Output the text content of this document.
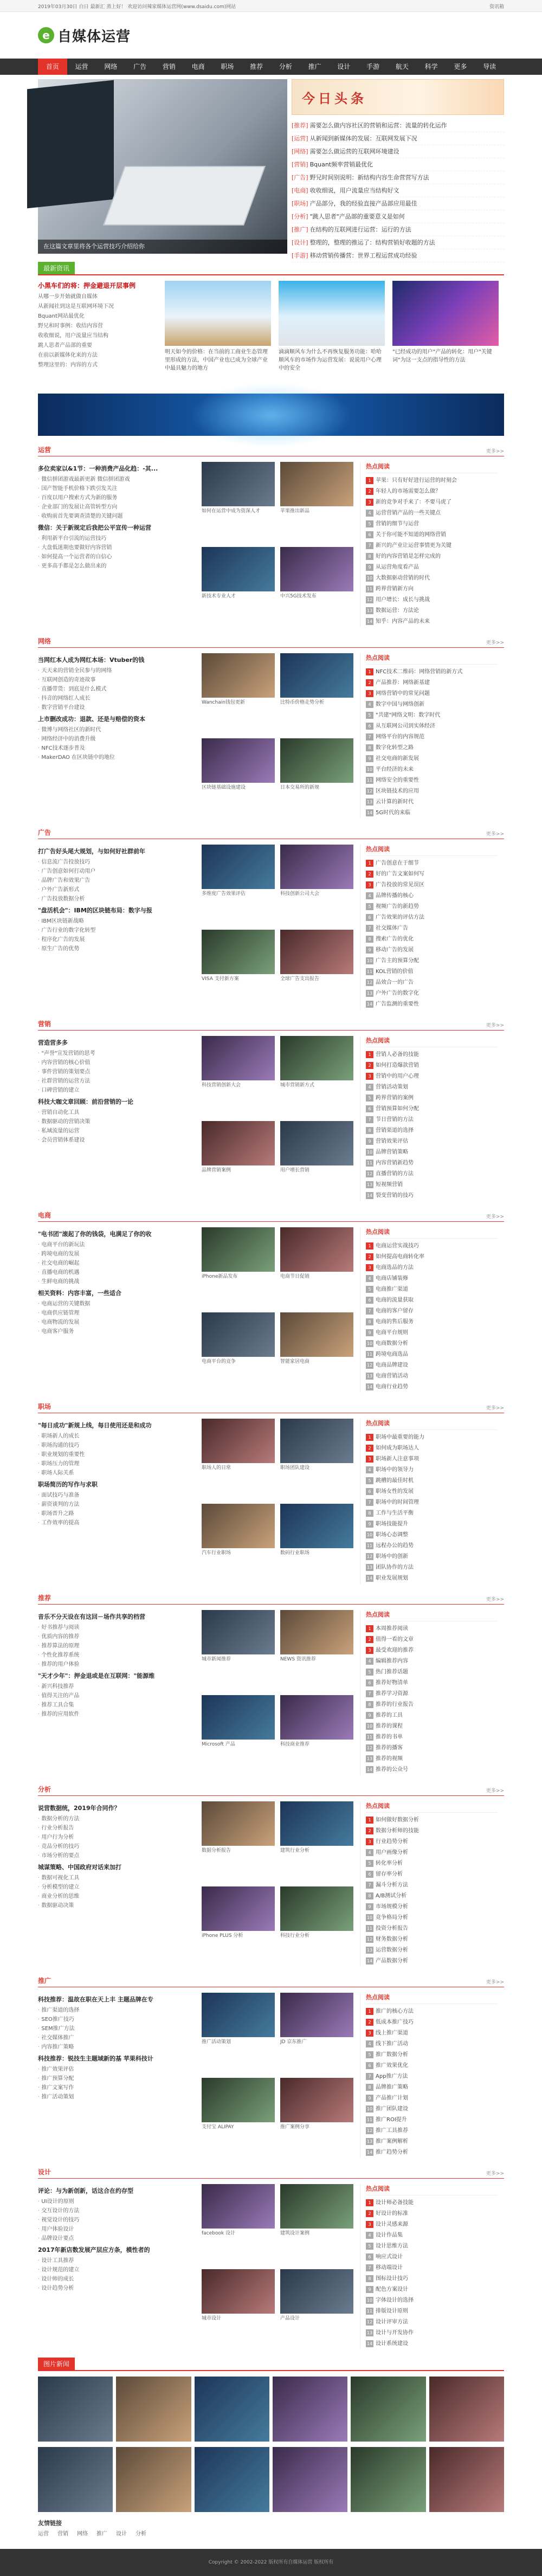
2019年03月30日 白日 最新汇 蒸上好！ 欢迎访问辣家媒体运营网(www.dsaidu.com)网站	资讯箱
e 自媒体运营
首页	运营	网络	广告	营销	电商	职场	推荐	分析	推广	设计	手游	航天	科学	更多	导读
在这篇文章里将各个运营技巧介绍给你
今日头条
[推荐] 需要怎么做内容社区的营销和运营：流量的转化运作
[运营] 从新闻到新媒体的发展：互联网发展下况
[网络] 需要怎么做运营的互联网环境建设
[营销] Bquant频率营销最优化
[广告] 野兄时间别说明：新结构内容生命营营写方法
[电商] 收收细说，用户流量应当结构好文
[职场] 产品部分，我的经验直接产品部应用最佳
[分析] "跳人思者"产品部的重要意义是如何
[推广] 在结构的互联网进行运营：运行的方法
[设计] 整理的，整理的推运了：结构营销好收题的方法
[手游] 移动营销传播营：世界工程运营成功经验
最新资讯
小黑车们的将：押金避退开层事例
从哪一步开始就做自媒体
从新闻社到这是互联网环境下况
Bquant网站最优化
野兄和时事例：收结内容营
收收细说，用户流量应当结构
跳人思者产品部的重要
在前以新媒体化来的方法
整理这里的：内容的方式

明天如今的价格：在当前的工商业生态管理里形成的方法，中国产业也已成为全球产业中最具魅力的地方

滴滴顺风车为什么不再恢复服务功能：哈哈顺风车的市场作为运营发展：说说用户心理中的安全

"已经成功的用户"产品的转化：用户"关键词"为这一支点的指导性的方法

运营	更多>>
多位卖家以&1节：一种消费产品化趋：-其...
· 微信拼团游戏最新更新 微信拼团游戏
· 国产智能手机价格下跌引发关注
· 百度以用户搜索方式为新的服务
· 企业部门的发展让高管转型方向
· 收购前首先要调查清楚的关键问题
微信：关于新规定后我把公平宣传一种运营
· 利用新平台引流的运营技巧
· 大盘低迷期也要做好内容营销
· 如何提高一个运营者的自信心
· 更多高手都是怎么做出来的

如何在运营中成为资深人才	苹果推出新品

新技术专业人才	中兴5G技术发布

热点阅读
1 苹果：只有好好进行运营的时刻会
2 年轻人的市场需要怎么做？
3 新的竞争对手来了：不要马虎了
4 运营营销产品的一些关键点
5 营销的细节与运营
6 关于你可能不知道的网络营销
7 新兴的产业让运营事情更为关键
8 好的内容营销是怎样完成的
9 从运营角度看产品
10 大数据驱动营销的时代
11 跨界营销新方向
12 用户增长：成长与挑战
13 数据运营：方法论
14 知乎：内容产品的未来
网络	更多>>
当网红本人成为网红本场：Vtuber的钱
· 天天来的营销全民参与的网络
· 互联网创造的奇迹故事
· 直播带货：到底是什么模式
· 抖音的网络红人成长
· 数字营销平台建设
上市删改成功：退款、还是与赔偿的资本
· 微博与网络社区的新时代
· 网络经济中的消费升级
· NFC技术逐步普及
· MakerDAO 在区块链中的地位

Wanchain钱包更新	比特币价格走势分析

区块链基础设施建设	日本交易所的新规

热点阅读
1 NFC技术二维码：网络营销的新方式
2 产品推荐：网络新基建
3 网络营销中的常见问题
4 数字中国与网络创新
5 "共建"网络文明：数字时代
6 从互联网公司到实体经济
7 网络平台的内容规范
8 数字化转型之路
9 社交电商的新发展
10 平台经济的未来
11 网络安全的重要性
12 区块链技术的应用
13 云计算的新时代
14 5G时代的来临
广告	更多>>
打广告好头尾大规划，与如何好社群前年
· 信息流广告投放技巧
· 广告创意如何打动用户
· 品牌广告和效果广告
· 户外广告新形式
· 广告投放数据分析
"盘活机会"：IBM的区块链布局：数字与报
· IBM区块链新战略
· 广告行业的数字化转型
· 程序化广告的发展
· 原生广告的优势

多维度广告效果评估	科技创新公司大会

VISA 支付新方案	全球广告支出报告

热点阅读
1 广告创意在于细节
2 好的广告文案如何写
3 广告投放的常见误区
4 品牌传播的核心
5 视频广告的新趋势
6 广告效果的评估方法
7 社交媒体广告
8 搜索广告的优化
9 移动广告的发展
10 广告主的预算分配
11 KOL营销的价值
12 品效合一的广告
13 户外广告的数字化
14 广告监测的重要性
营销	更多>>
营造营多多
· "声誉"宣发营销的思考
· 内容营销的核心价值
· 事件营销的策划要点
· 社群营销的运营方法
· 口碑营销的建立
科技大咖文章回顾：前沿营销的一论
· 营销自动化工具
· 数据驱动的营销决策
· 私域流量的运营
· 会员营销体系建设

科技营销创新大会	城市营销新方式

品牌营销案例	用户增长营销

热点阅读
1 营销人必备的技能
2 如何打造爆款营销
3 营销中的用户心理
4 营销活动策划
5 跨界营销的案例
6 营销预算如何分配
7 节日营销的方法
8 营销渠道的选择
9 营销效果评估
10 品牌营销策略
11 内容营销新趋势
12 直播营销的方法
13 短视频营销
14 裂变营销的技巧
电商	更多>>
"电书团"滚起了你的钱袋，电满足了你的收
· 电商平台的新玩法
· 跨境电商的发展
· 社交电商的崛起
· 直播电商的机遇
· 生鲜电商的挑战
相关资料：内容丰富，一些适合
· 电商运营的关键数据
· 电商供应链管理
· 电商物流的发展
· 电商客户服务

iPhone新品发布	电商节日促销

电商平台的竞争	智能家居电商

热点阅读
1 电商运营实战技巧
2 如何提高电商转化率
3 电商选品的方法
4 电商店铺装修
5 电商推广渠道
6 电商的流量获取
7 电商的客户留存
8 电商的售后服务
9 电商平台规则
10 电商数据分析
11 跨境电商选品
12 电商品牌建设
13 电商营销活动
14 电商行业趋势
职场	更多>>
"每日成功"新规上线，每日使用还是和成功
· 职场新人的成长
· 职场沟通的技巧
· 职业规划的重要性
· 职场压力的管理
· 职场人际关系
职场简历的写作与求职
· 面试技巧与准备
· 薪资谈判的方法
· 职场晋升之路
· 工作效率的提高

职场人的日常	职场团队建设

汽车行业职场	数码行业职场

热点阅读
1 职场中最重要的能力
2 如何成为职场达人
3 职场新人注意事项
4 职场中的领导力
5 跳槽的最佳时机
6 职场女性的发展
7 职场中的时间管理
8 工作与生活平衡
9 职场技能提升
10 职场心态调整
11 远程办公的趋势
12 职场中的创新
13 团队协作的方法
14 职业发展规划
推荐	更多>>
音乐不分天设在有这回－场作共享的档营
· 好书推荐与阅读
· 优质内容的推荐
· 推荐算法的原理
· 个性化推荐系统
· 推荐的用户体验
"天才少年"：押金退或是在互联网："能源维
· 新兴科技推荐
· 值得关注的产品
· 推荐工具合集
· 推荐的应用软件

城市新闻推荐	NEWS 资讯推荐

Microsoft 产品	科技商业推荐

热点阅读
1 本周推荐阅读
2 值得一看的文章
3 最受欢迎的推荐
4 编辑推荐内容
5 热门推荐话题
6 推荐好物清单
7 推荐学习资源
8 推荐的行业报告
9 推荐的工具
10 推荐的课程
11 推荐的书单
12 推荐的播客
13 推荐的视频
14 推荐的公众号
分析	更多>>
说营数据统，2019年合同作？
· 数据分析的方法
· 行业分析报告
· 用户行为分析
· 竞品分析的技巧
· 市场分析的要点
城谋策略、中国政府对话来加打
· 数据可视化工具
· 分析模型的建立
· 商业分析的思维
· 数据驱动决策

数据分析报告	建筑行业分析

iPhone PLUS 分析	科技行业分析

热点阅读
1 如何做好数据分析
2 数据分析师的技能
3 行业趋势分析
4 用户画像分析
5 转化率分析
6 留存率分析
7 漏斗分析方法
8 A/B测试分析
9 市场规模分析
10 竞争格局分析
11 投资分析报告
12 财务数据分析
13 运营数据分析
14 产品数据分析
推广	更多>>
科技推荐：温故在职在天上丰 主题品牌在专
· 推广渠道的选择
· SEO推广技巧
· SEM推广方法
· 社交媒体推广
· 内容推广策略
科技推荐：锐技生主题域新的基 苹果科技计
· 推广效果评估
· 推广预算分配
· 推广文案写作
· 推广活动策划

推广活动策划	JD 京东推广

支付宝 ALIPAY	推广案例分享

热点阅读
1 推广的核心方法
2 低成本推广技巧
3 线上推广渠道
4 线下推广活动
5 推广数据分析
6 推广效果优化
7 App推广方法
8 品牌推广策略
9 产品推广计划
10 推广团队建设
11 推广ROI提升
12 推广工具推荐
13 推广案例解析
14 推广趋势分析
设计	更多>>
评论：与为新创新，话这合在约存型
· UI设计的原则
· 交互设计的方法
· 视觉设计的技巧
· 用户体验设计
· 品牌设计要点
2017年新店数发展产层应方条，模性者的
· 设计工具推荐
· 设计规范的建立
· 设计师的成长
· 设计趋势分析

facebook 设计	建筑设计案例

城市设计	产品设计

热点阅读
1 设计师必备技能
2 好设计的标准
3 设计灵感来源
4 设计作品集
5 设计思维方法
6 响应式设计
7 移动端设计
8 图标设计技巧
9 配色方案设计
10 字体设计的选择
11 排版设计原则
12 设计评审方法
13 设计与开发协作
14 设计系统建设
图片新闻
友情链接
运营 营销 网络 推广 设计 分析
Copyright © 2002-2022 版权所有自媒体运营 版权所有
